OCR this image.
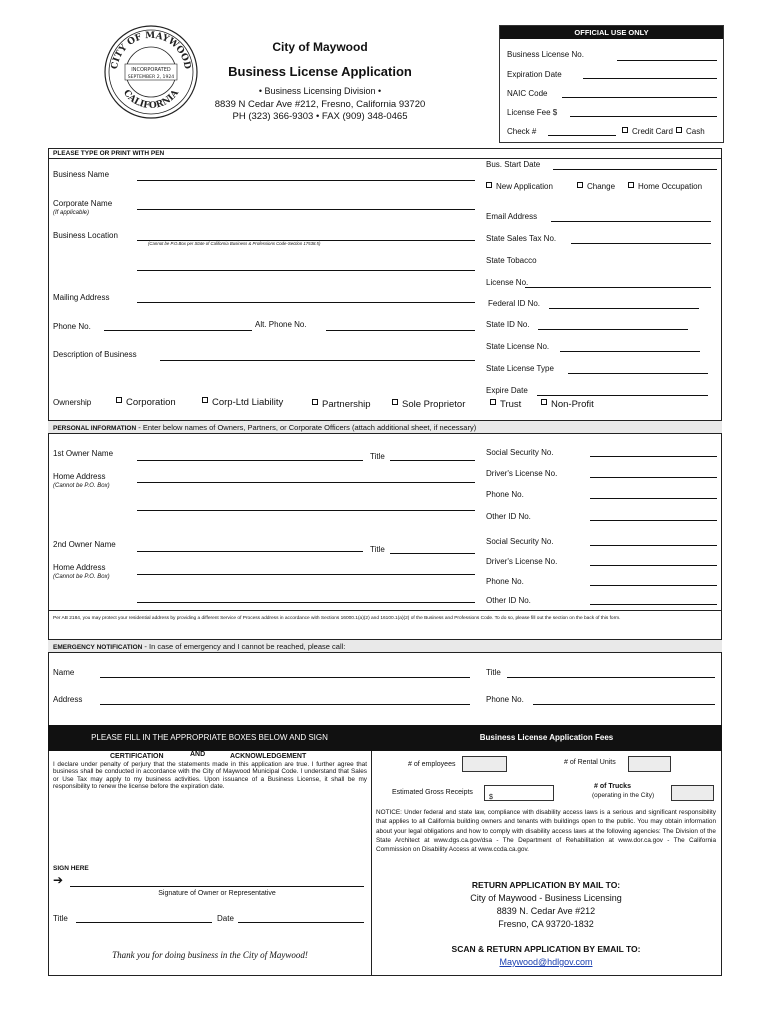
CITY OF MAYWOOD
CALIFORNIA
INCORPORATED
SEPTEMBER 2, 1924
City of Maywood
Business License Application
• Business Licensing Division •
8839 N Cedar Ave #212, Fresno, California 93720
PH (323) 366-9303 • FAX (909) 348-0465
OFFICIAL USE ONLY
Business License No.
Expiration Date
NAIC Code
License Fee $
Check #	Credit Card	Cash
PLEASE TYPE OR PRINT WITH PEN
Business Name
Corporate Name
(If applicable)
Business Location
(Cannot be P.O.Box per State of California Business & Professions Code-Section 17538.5)
Mailing Address
Phone No.	Alt. Phone No.
Description of Business
Ownership	Corporation	Corp-Ltd Liability	Partnership	Sole Proprietor	Trust	Non-Profit
Bus. Start Date
New Application	Change	Home Occupation
Email Address
State Sales Tax No.
State Tobacco
License No.
Federal ID No.
State ID No.
State License No.
State License Type
Expire Date
PERSONAL INFORMATION - Enter below names of Owners, Partners, or Corporate Officers (attach additional sheet, if necessary)
1st Owner Name	Title
Home Address
(Cannot be P.O. Box)
Social Security No.
Driver's License No.
Phone No.
Other ID No.
2nd Owner Name
Title
Home Address
(Cannot be P.O. Box)
Social Security No.
Driver's License No.
Phone No.
Other ID No.
Per AB 2184, you may protect your residential address by providing a different Service of Process address in accordance with Sections 16000.1(a)(2) and 16100.1(a)(2) of the Business and Professions Code. To do so, please fill out the section on the back of this form.
EMERGENCY NOTIFICATION - In case of emergency and I cannot be reached, please call:
Name
Address
Title
Phone No.
PLEASE FILL IN THE APPROPRIATE BOXES BELOW AND SIGN	Business License Application Fees
CERTIFICATION	AND	ACKNOWLEDGEMENT
I declare under penalty of perjury that the statements made in this application are true. I further agree that business shall be conducted in accordance with the City of Maywood Municipal Code. I understand that Sales or Use Tax may apply to my business activities. Upon issuance of a Business License, it shall be my responsibility to renew the license before the expiration date.
SIGN HERE
➔
Signature of Owner or Representative
Title	Date
Thank you for doing business in the City of Maywood!
# of employees	# of Rental Units
Estimated Gross Receipts
$
# of Trucks
(operating in the City)
NOTICE: Under federal and state law, compliance with disability access laws is a serious and significant responsibility that applies to all California building owners and tenants with buildings open to the public. You may obtain information about your legal obligations and how to comply with disability access laws at the following agencies: The Division of the State Architect at www.dgs.ca.gov/dsa - The Department of Rehabilitation at www.dor.ca.gov - The California Commission on Disability Access at www.ccda.ca.gov.
RETURN APPLICATION BY MAIL TO:
City of Maywood - Business Licensing
8839 N. Cedar Ave #212
Fresno, CA 93720-1832
SCAN & RETURN APPLICATION BY EMAIL TO:
Maywood@hdlgov.com
